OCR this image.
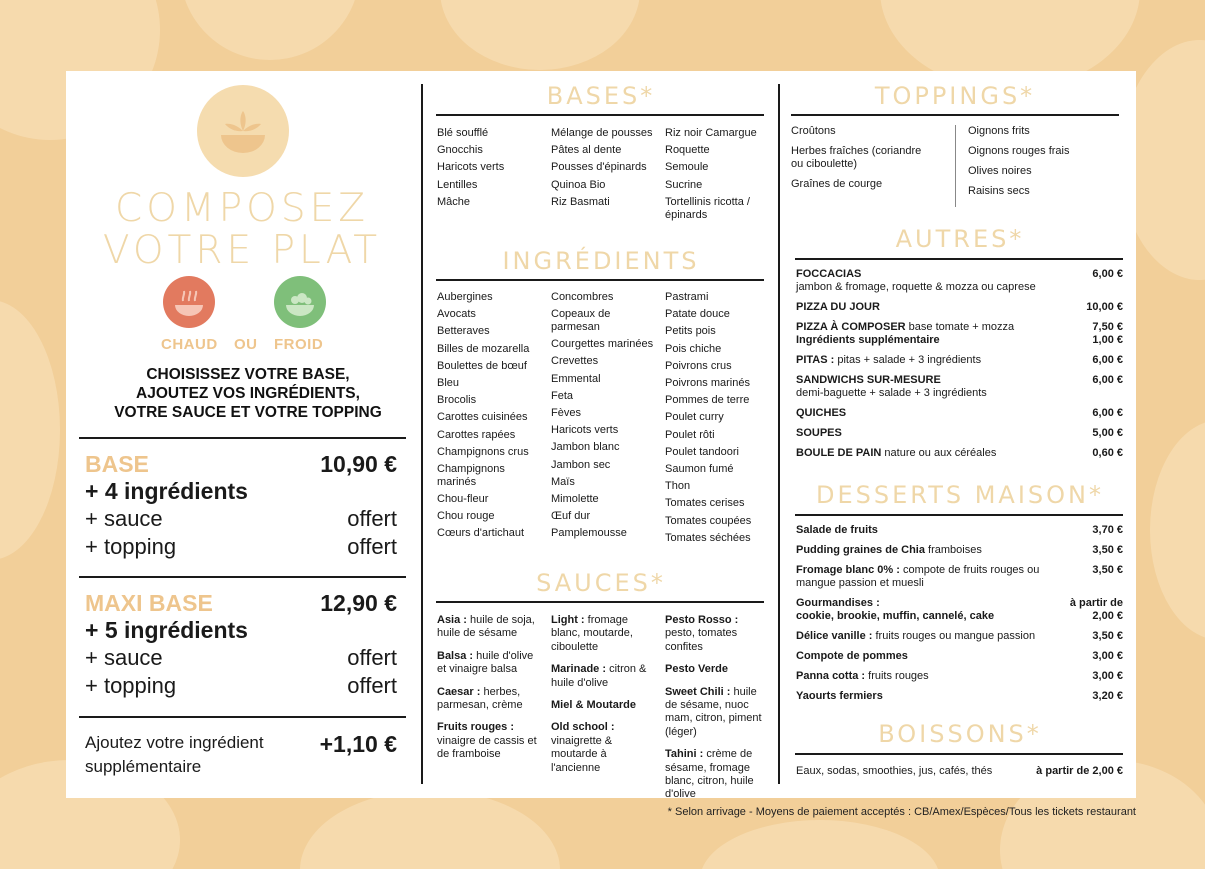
COMPOSEZ
VOTRE PLAT
CHAUD OU FROID
CHOISISSEZ VOTRE BASE,
AJOUTEZ VOS INGRÉDIENTS,
VOTRE SAUCE ET VOTRE TOPPING
BASE	10,90 €
+ 4 ingrédients
+ sauce	offert
+ topping	offert
MAXI BASE	12,90 €
+ 5 ingrédients
+ sauce	offert
+ topping	offert
Ajoutez votre ingrédient
supplémentaire
+1,10 €
BASES*
Blé soufflé
Gnocchis
Haricots verts
Lentilles
Mâche
Mélange de pousses
Pâtes al dente
Pousses d'épinards
Quinoa Bio
Riz Basmati
Riz noir Camargue
Roquette
Semoule
Sucrine
Tortellinis ricotta / épinards
INGRÉDIENTS
Aubergines
Avocats
Betteraves
Billes de mozarella
Boulettes de bœuf
Bleu
Brocolis
Carottes cuisinées
Carottes rapées
Champignons crus
Champignons marinés
Chou-fleur
Chou rouge
Cœurs d'artichaut
Concombres
Copeaux de parmesan
Courgettes marinées
Crevettes
Emmental
Feta
Fèves
Haricots verts
Jambon blanc
Jambon sec
Maïs
Mimolette
Œuf dur
Pamplemousse
Pastrami
Patate douce
Petits pois
Pois chiche
Poivrons crus
Poivrons marinés
Pommes de terre
Poulet curry
Poulet rôti
Poulet tandoori
Saumon fumé
Thon
Tomates cerises
Tomates coupées
Tomates séchées
SAUCES*
Asia : huile de soja, huile de sésame
Balsa : huile d'olive et vinaigre balsa
Caesar : herbes, parmesan, crème
Fruits rouges : vinaigre de cassis et de framboise
Light : fromage blanc, moutarde, ciboulette
Marinade : citron & huile d'olive
Miel & Moutarde
Old school : vinaigrette & moutarde à l'ancienne
Pesto Rosso : pesto, tomates confites
Pesto Verde
Sweet Chili : huile de sésame, nuoc mam, citron, piment (léger)
Tahini : crème de sésame, fromage blanc, citron, huile d'olive
TOPPINGS*
Croûtons
Herbes fraîches (coriandre ou ciboulette)
Graînes de courge
Oignons frits
Oignons rouges frais
Olives noires
Raisins secs
AUTRES*
FOCCACIAS
jambon & fromage, roquette & mozza ou caprese
6,00 €
PIZZA DU JOUR	10,00 €
PIZZA À COMPOSER base tomate + mozza	7,50 €
Ingrédients supplémentaire	1,00 €
PITAS : pitas + salade + 3 ingrédients	6,00 €
SANDWICHS SUR-MESURE
demi-baguette + salade + 3 ingrédients
6,00 €
QUICHES	6,00 €
SOUPES	5,00 €
BOULE DE PAIN nature ou aux céréales	0,60 €
DESSERTS MAISON*
Salade de fruits	3,70 €
Pudding graines de Chia framboises	3,50 €
Fromage blanc 0% : compote de fruits rouges ou mangue passion et muesli
3,50 €
Gourmandises :
cookie, brookie, muffin, cannelé, cake
à partir de
2,00 €
Délice vanille : fruits rouges ou mangue passion	3,50 €
Compote de pommes	3,00 €
Panna cotta : fruits rouges	3,00 €
Yaourts fermiers	3,20 €
BOISSONS*
Eaux, sodas, smoothies, jus, cafés, thés	à partir de 2,00 €
* Selon arrivage - Moyens de paiement acceptés : CB/Amex/Espèces/Tous les tickets restaurant
